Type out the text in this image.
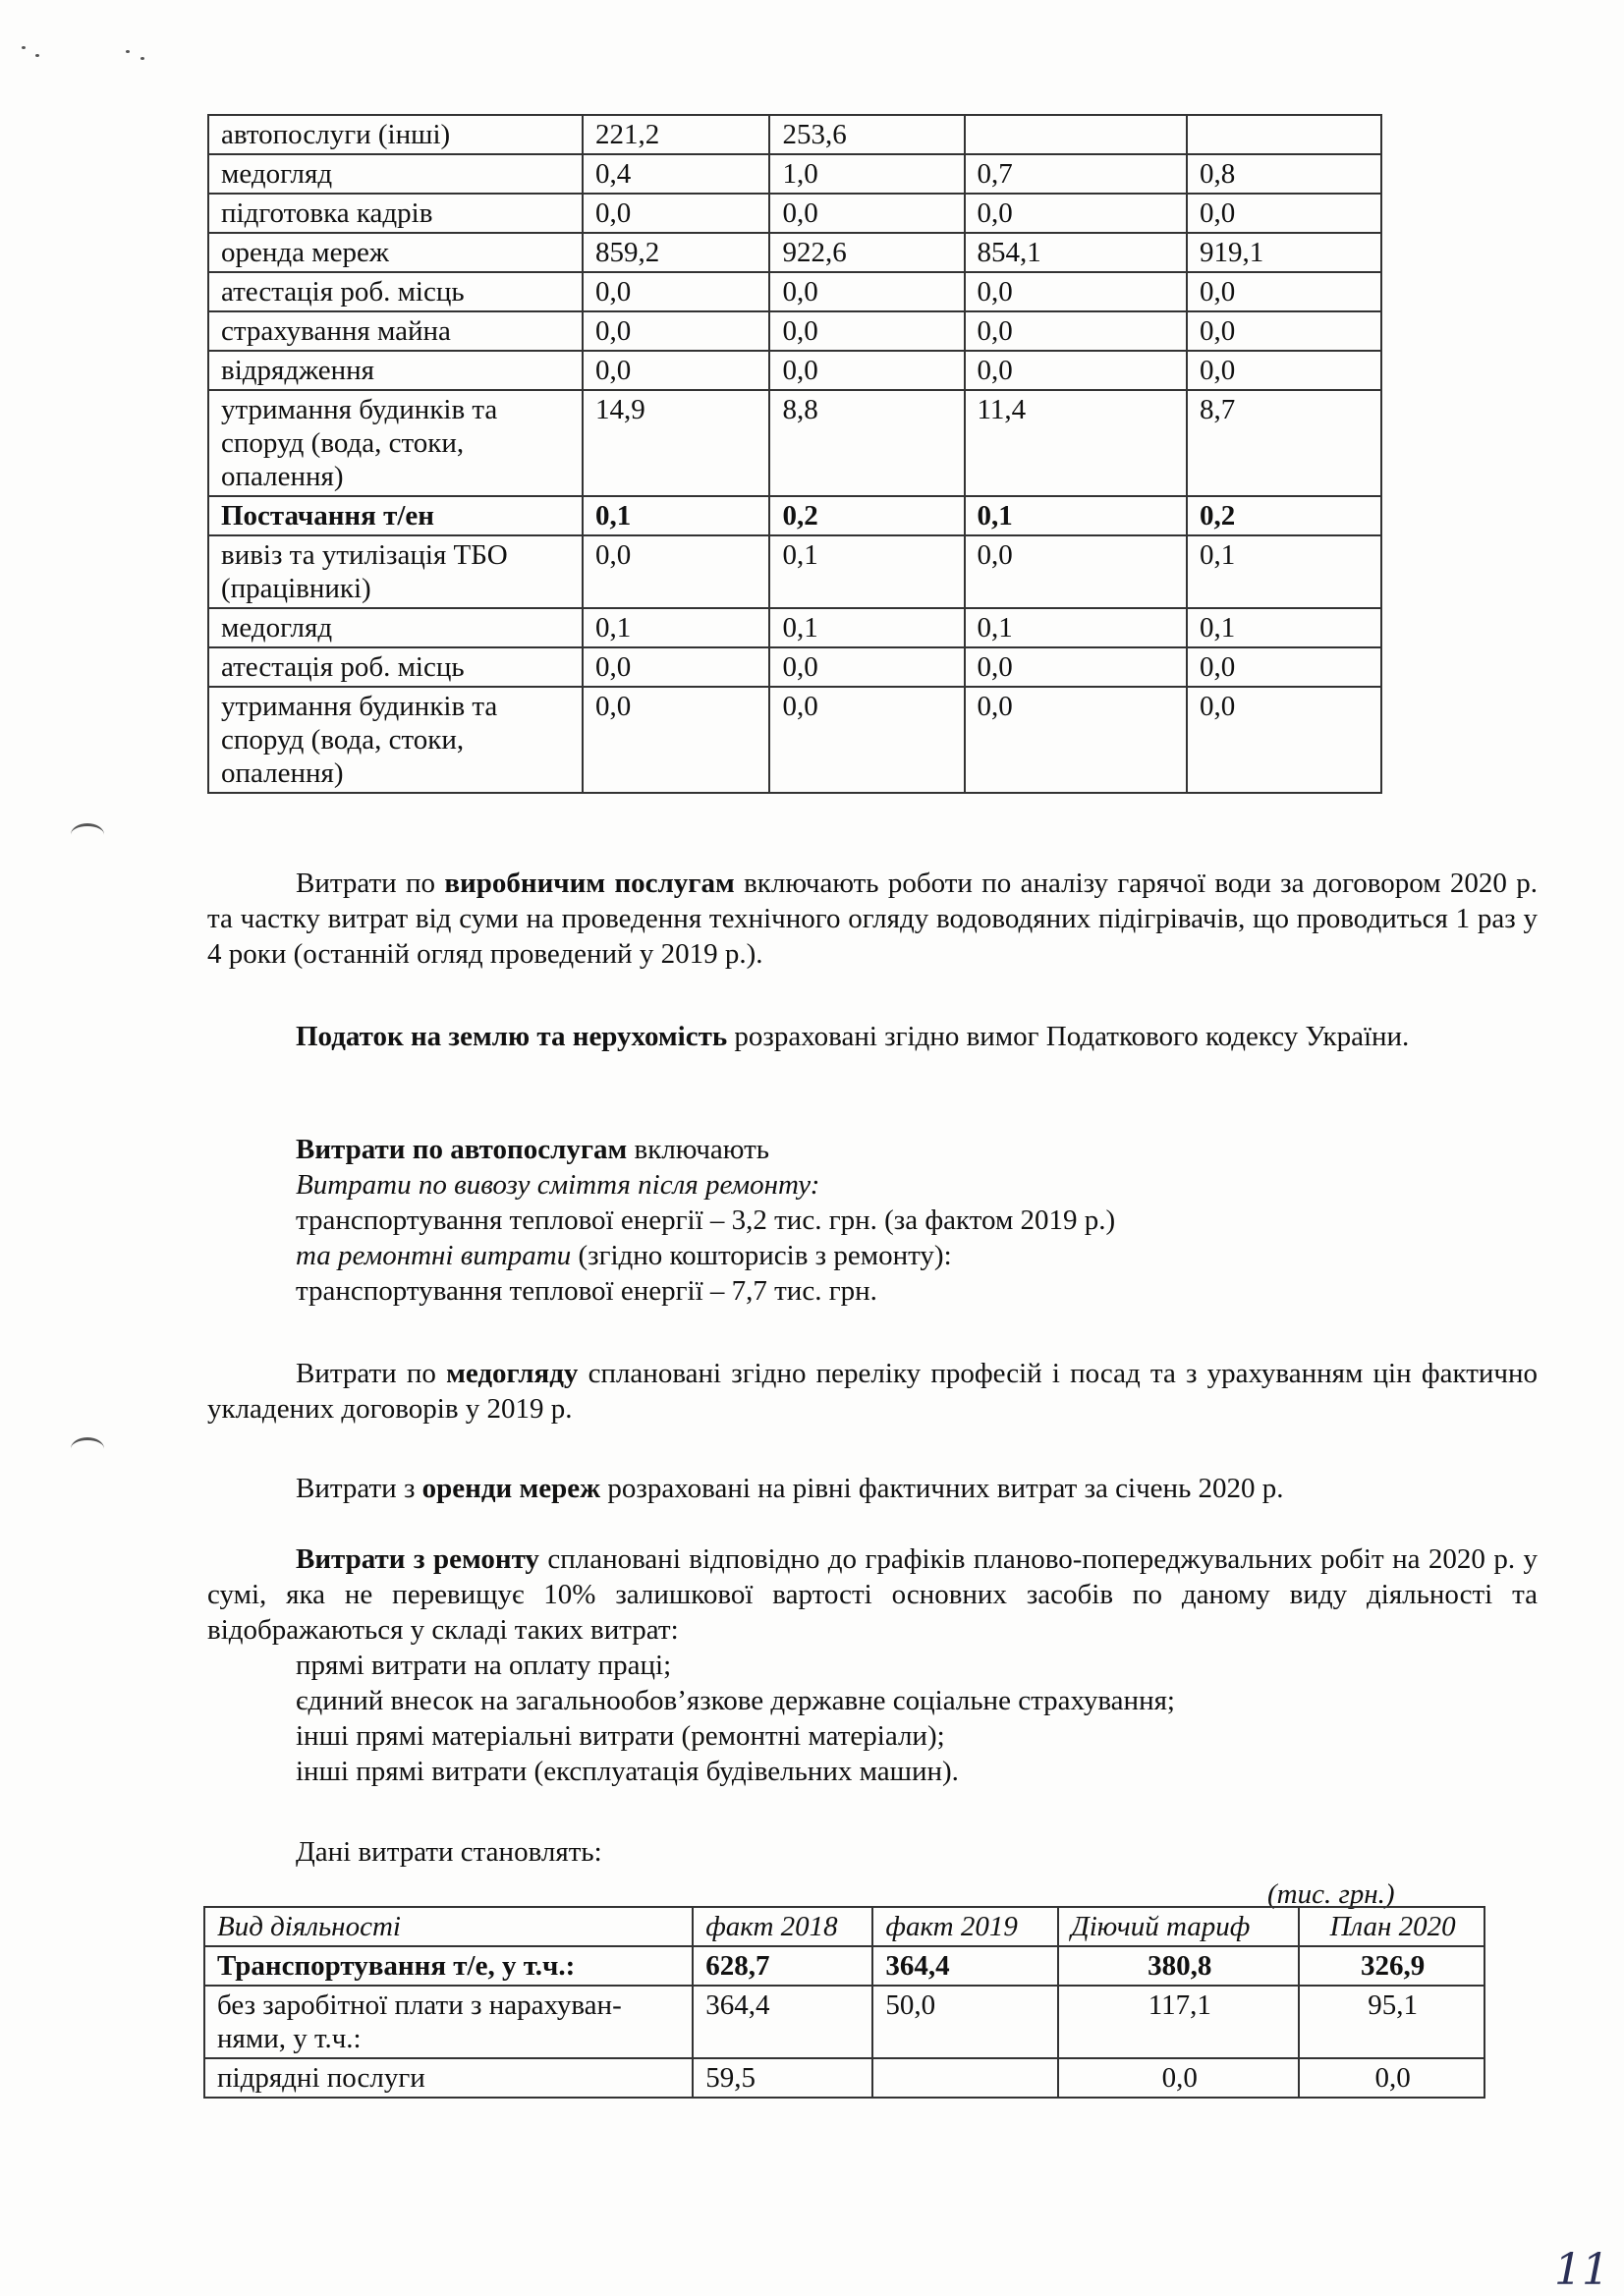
автопослуги (інші)	221,2	253,6		
медогляд	0,4	1,0	0,7	0,8
підготовка кадрів	0,0	0,0	0,0	0,0
оренда мереж	859,2	922,6	854,1	919,1
атестація роб. місць	0,0	0,0	0,0	0,0
страхування майна	0,0	0,0	0,0	0,0
відрядження	0,0	0,0	0,0	0,0
утримання будинків та споруд (вода, стоки, опалення)	14,9	8,8	11,4	8,7
Постачання т/ен	0,1	0,2	0,1	0,2
вивіз та утилізація ТБО (працівникі)	0,0	0,1	0,0	0,1
медогляд	0,1	0,1	0,1	0,1
атестація роб. місць	0,0	0,0	0,0	0,0
утримання будинків та споруд (вода, стоки, опалення)	0,0	0,0	0,0	0,0
Витрати по виробничим послугам включають роботи по аналізу гарячої води за договором 2020 р. та частку витрат від суми на проведення технічного огляду водоводяних підігрівачів, що проводиться 1 раз у 4 роки (останній огляд проведений у 2019 р.).
Податок на землю та нерухомість розраховані згідно вимог Податкового кодексу України.
Витрати по автопослугам включають
Витрати по вивозу сміття після ремонту:
транспортування теплової енергії – 3,2 тис. грн. (за фактом 2019 р.)
та ремонтні витрати (згідно кошторисів з ремонту):
транспортування теплової енергії – 7,7 тис. грн.
Витрати по медогляду сплановані згідно переліку професій і посад та з урахуванням цін фактично укладених договорів у 2019 р.
Витрати з оренди мереж розраховані на рівні фактичних витрат за січень 2020 р.
Витрати з ремонту сплановані відповідно до графіків планово-попереджувальних робіт на 2020 р. у сумі, яка не перевищує 10% залишкової вартості основних засобів по даному виду діяльності та відображаються у складі таких витрат:
прямі витрати на оплату праці;
єдиний внесок на загальнообов’язкове державне соціальне страхування;
інші прямі матеріальні витрати (ремонтні матеріали);
інші прямі витрати (експлуатація будівельних машин).
Дані витрати становлять:
(тис. грн.)
Вид діяльності	факт 2018	факт 2019	Діючий тариф	План 2020
Транспортування т/е, у т.ч.:	628,7	364,4	380,8	326,9
без заробітної плати з нарахуван-нями, у т.ч.:	364,4	50,0	117,1	95,1
підрядні послуги	59,5		0,0	0,0
11
